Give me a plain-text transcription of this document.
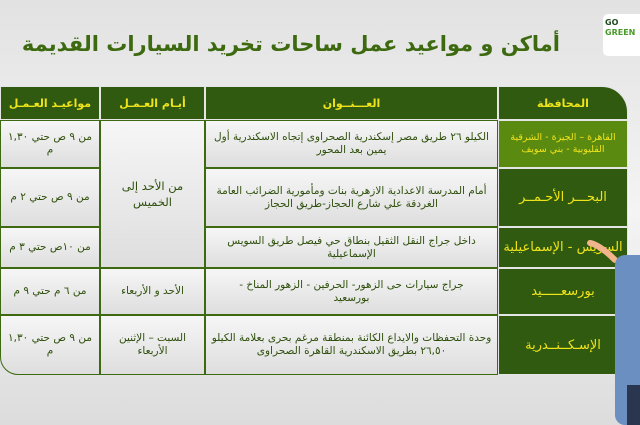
أماكن و مواعيد عمل ساحات تخريد السيارات القديمة
GO
GREEN
المحافظة
العـــنــوان
أيـام العـمـل
مواعيـد العـمـل
القاهرة – الجيزة - الشرقية القليوبية - بني سويف
الكيلو ٢٦ طريق مصر إسكندرية الصحراوى إتجاه الاسكندرية أول يمين بعد المحور
من ٩ ص حتي ١,٣٠ م
البحـــر الأحـمــر
أمام المدرسة الاعدادية الازهرية بنات ومأمورية الضرائب العامة الغردقة علي شارع الحجاز-طريق الحجاز
من ٩ ص حتي ٢ م
السويس - الإسماعيلية
داخل جراج النقل الثقيل بنطاق حي فيصل طريق السويس الإسماعيلية
من ١٠ص حتي ٣ م
من الأحد إلى الخميس
بورسعـــــيد
جراج سيارات حى الزهور- الحرفين - الزهور المناخ - بورسعيد
الأحد و الأربعاء
من ٦ م حتي ٩ م
الإسـكــنــدرية
وحدة التحفظات والايداع الكائنة بمنطقة مرغم بحرى بعلامة الكيلو ٢٦,٥٠ بطريق الاسكندرية القاهرة الصحراوى
السبت – الإثنين الأربعاء
من ٩ ص حتي ١,٣٠ م
